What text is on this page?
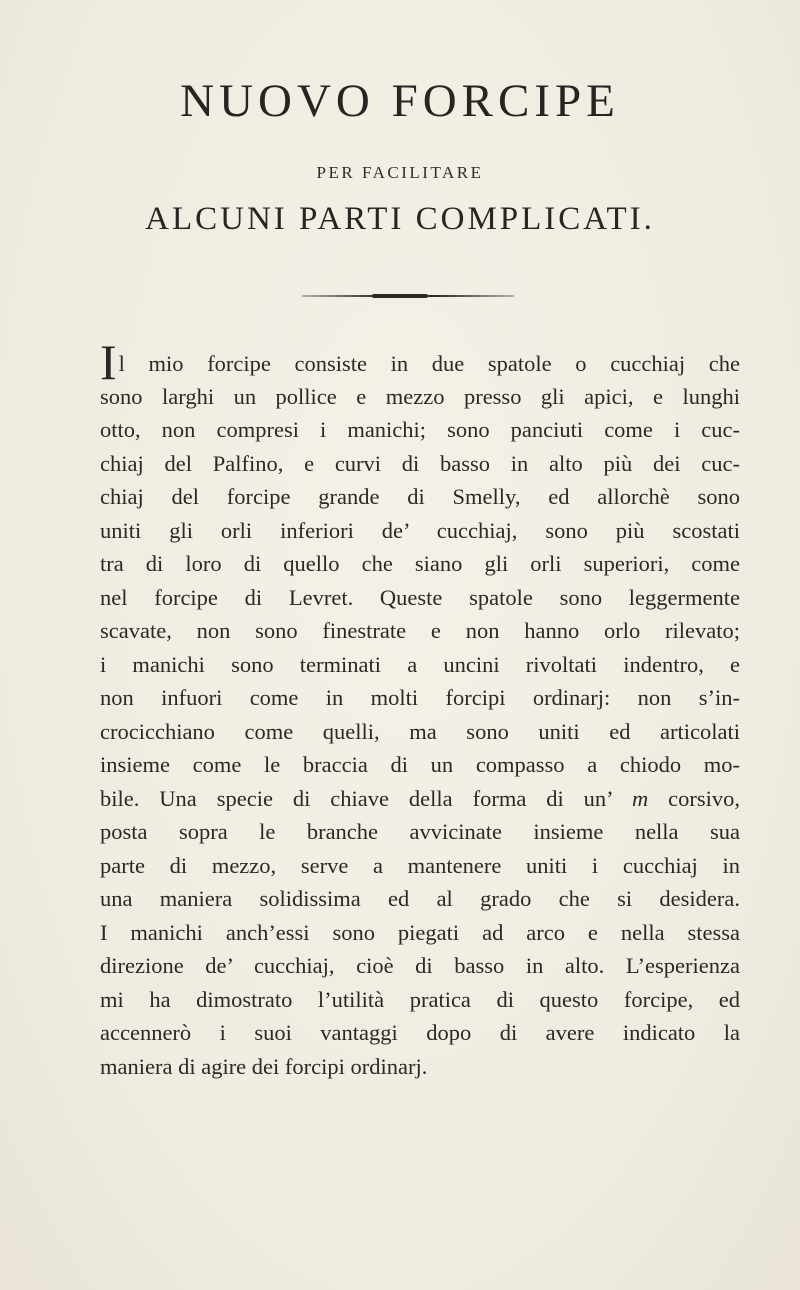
NUOVO FORCIPE
PER FACILITARE
ALCUNI PARTI COMPLICATI.
Il mio forcipe consiste in due spatole o cucchiaj che
sono larghi un pollice e mezzo presso gli apici, e lunghi
otto, non compresi i manichi; sono panciuti come i cuc-
chiaj del Palfino, e curvi di basso in alto più dei cuc-
chiaj del forcipe grande di Smelly, ed allorchè sono
uniti gli orli inferiori de’ cucchiaj, sono più scostati
tra di loro di quello che siano gli orli superiori, come
nel forcipe di Levret. Queste spatole sono leggermente
scavate, non sono finestrate e non hanno orlo rilevato;
i manichi sono terminati a uncini rivoltati indentro, e
non infuori come in molti forcipi ordinarj: non s’in-
crocicchiano come quelli, ma sono uniti ed articolati
insieme come le braccia di un compasso a chiodo mo-
bile. Una specie di chiave della forma di un’ m corsivo,
posta sopra le branche avvicinate insieme nella sua
parte di mezzo, serve a mantenere uniti i cucchiaj in
una maniera solidissima ed al grado che si desidera.
I manichi anch’essi sono piegati ad arco e nella stessa
direzione de’ cucchiaj, cioè di basso in alto. L’esperienza
mi ha dimostrato l’utilità pratica di questo forcipe, ed
accennerò i suoi vantaggi dopo di avere indicato la
maniera di agire dei forcipi ordinarj.
